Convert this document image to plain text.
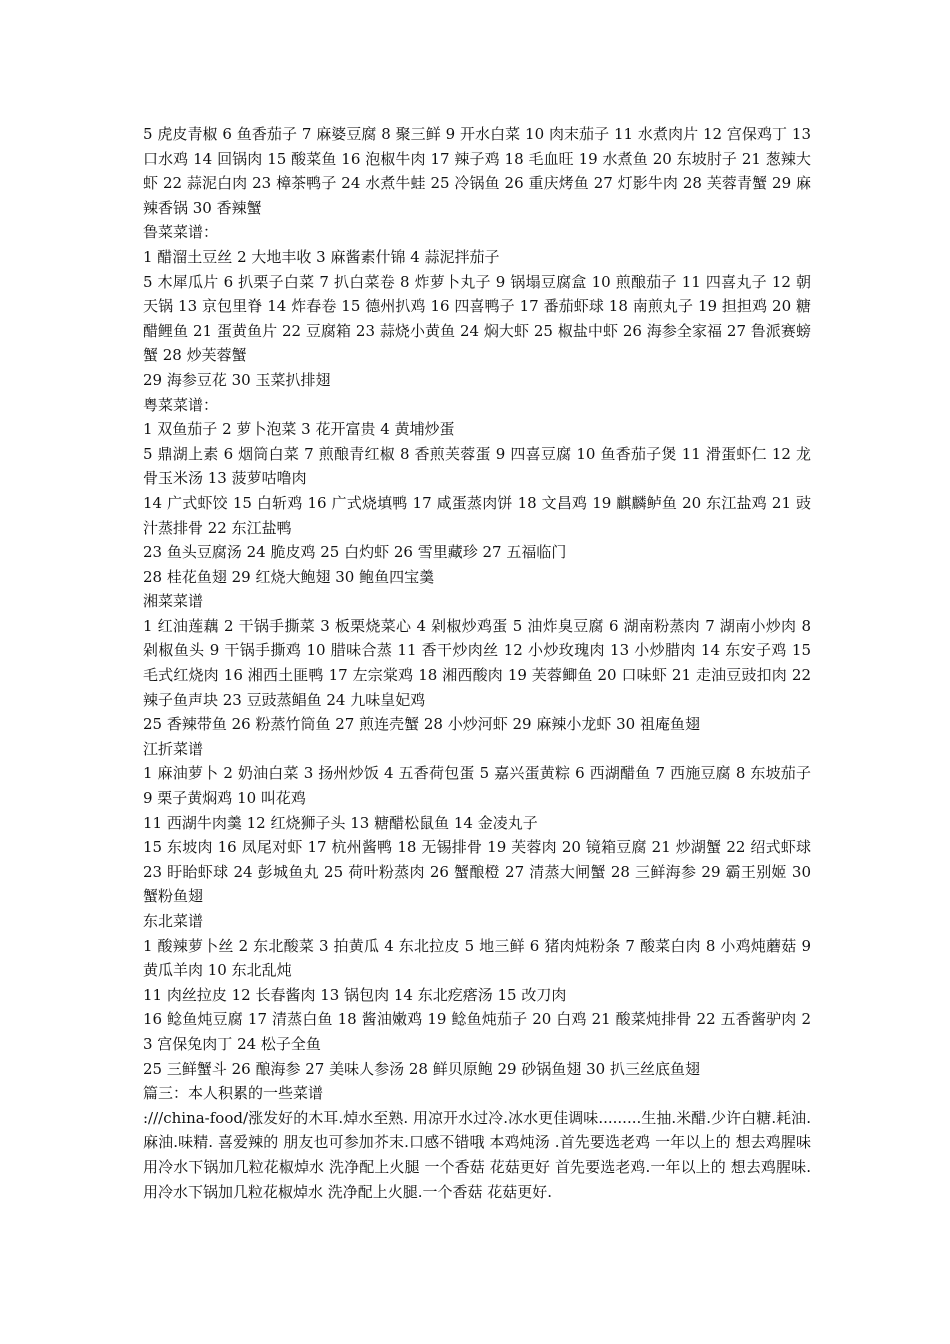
5 虎皮青椒 6 鱼香茄子 7 麻婆豆腐 8 聚三鲜 9 开水白菜 10 肉末茄子 11 水煮肉片 12 宫保鸡丁 13 口水鸡 14 回锅肉 15 酸菜鱼 16 泡椒牛肉 17 辣子鸡 18 毛血旺 19 水煮鱼 20 东坡肘子 21 葱辣大虾 22 蒜泥白肉 23 樟茶鸭子 24 水煮牛蛙 25 冷锅鱼 26 重庆烤鱼 27 灯影牛肉 28 芙蓉青蟹 29 麻辣香锅 30 香辣蟹

鲁菜菜谱：

1 醋溜土豆丝 2 大地丰收 3 麻酱素什锦 4 蒜泥拌茄子

5 木犀瓜片 6 扒栗子白菜 7 扒白菜卷 8 炸萝卜丸子 9 锅塌豆腐盒 10 煎酿茄子 11 四喜丸子 12 朝天锅 13 京包里脊 14 炸春卷 15 德州扒鸡 16 四喜鸭子 17 番茄虾球 18 南煎丸子 19 担担鸡 20 糖醋鲤鱼 21 蛋黄鱼片 22 豆腐箱 23 蒜烧小黄鱼 24 焖大虾 25 椒盐中虾 26 海参全家福 27 鲁派赛螃蟹 28 炒芙蓉蟹

29 海参豆花 30 玉菜扒排翅

粤菜菜谱：

1 双鱼茄子 2 萝卜泡菜 3 花开富贵 4 黄埔炒蛋

5 鼎湖上素 6 烟筒白菜 7 煎酿青红椒 8 香煎芙蓉蛋 9 四喜豆腐 10 鱼香茄子煲 11 滑蛋虾仁 12 龙骨玉米汤 13 菠萝咕噜肉

14 广式虾饺 15 白斩鸡 16 广式烧填鸭 17 咸蛋蒸肉饼 18 文昌鸡 19 麒麟鲈鱼 20 东江盐鸡 21 豉汁蒸排骨 22 东江盐鸭

23 鱼头豆腐汤 24 脆皮鸡 25 白灼虾 26 雪里藏珍 27 五福临门

28 桂花鱼翅 29 红烧大鲍翅 30 鲍鱼四宝羹

湘菜菜谱

1 红油莲藕 2 干锅手撕菜 3 板栗烧菜心 4 剁椒炒鸡蛋 5 油炸臭豆腐 6 湖南粉蒸肉 7 湖南小炒肉 8 剁椒鱼头 9 干锅手撕鸡 10 腊味合蒸 11 香干炒肉丝 12 小炒玫瑰肉 13 小炒腊肉 14 东安子鸡 15 毛式红烧肉 16 湘西土匪鸭 17 左宗棠鸡 18 湘西酸肉 19 芙蓉鲫鱼 20 口味虾 21 走油豆豉扣肉 22 辣子鱼声块 23 豆豉蒸鲳鱼 24 九味皇妃鸡

25 香辣带鱼 26 粉蒸竹筒鱼 27 煎连壳蟹 28 小炒河虾 29 麻辣小龙虾 30 祖庵鱼翅

江折菜谱

1 麻油萝卜 2 奶油白菜 3 扬州炒饭 4 五香荷包蛋 5 嘉兴蛋黄粽 6 西湖醋鱼 7 西施豆腐 8 东坡茄子 9 栗子黄焖鸡 10 叫花鸡

11 西湖牛肉羹 12 红烧狮子头 13 糖醋松鼠鱼 14 金凌丸子

15 东坡肉 16 凤尾对虾 17 杭州酱鸭 18 无锡排骨 19 芙蓉肉 20 镜箱豆腐 21 炒湖蟹 22 绍式虾球 23 盱眙虾球 24 彭城鱼丸 25 荷叶粉蒸肉 26 蟹酿橙 27 清蒸大闸蟹 28 三鲜海参 29 霸王别姬 30 蟹粉鱼翅

东北菜谱

1 酸辣萝卜丝 2 东北酸菜 3 拍黄瓜 4 东北拉皮 5 地三鲜 6 猪肉炖粉条 7 酸菜白肉 8 小鸡炖蘑菇 9 黄瓜羊肉 10 东北乱炖

11 肉丝拉皮 12 长春酱肉 13 锅包肉 14 东北疙瘩汤 15 改刀肉

16 鲶鱼炖豆腐 17 清蒸白鱼 18 酱油嫩鸡 19 鲶鱼炖茄子 20 白鸡 21 酸菜炖排骨 22 五香酱驴肉 23 宫保兔肉丁 24 松子全鱼

25 三鲜蟹斗 26 酿海参 27 美味人参汤 28 鲜贝原鲍 29 砂锅鱼翅 30 扒三丝底鱼翅

篇三：本人积累的一些菜谱

:///china-food/涨发好的木耳.焯水至熟. 用凉开水过冷.冰水更佳调味.........生抽.米醋.少许白糖.耗油.麻油.味精. 喜爱辣的 朋友也可参加芥末.口感不错哦 本鸡炖汤 .首先要选老鸡 一年以上的 想去鸡腥味 用冷水下锅加几粒花椒焯水 洗净配上火腿 一个香菇 花菇更好 首先要选老鸡.一年以上的 想去鸡腥味.用冷水下锅加几粒花椒焯水 洗净配上火腿.一个香菇 花菇更好.
